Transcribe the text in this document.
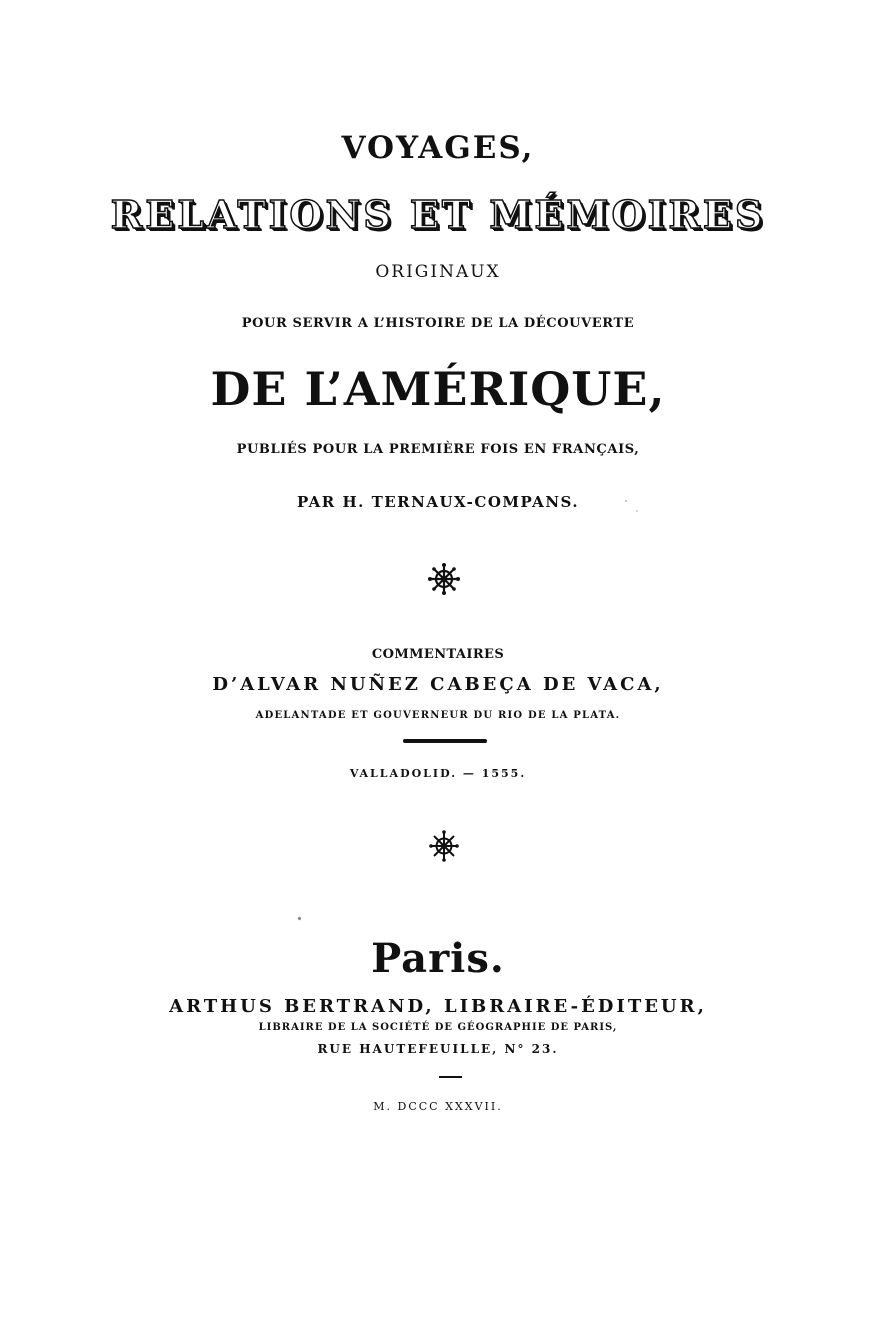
VOYAGES,
RELATIONS ET MÉMOIRES
ORIGINAUX
POUR SERVIR A L’HISTOIRE DE LA DÉCOUVERTE
DE L’AMÉRIQUE,
PUBLIÉS POUR LA PREMIÈRE FOIS EN FRANÇAIS,
PAR H. TERNAUX-COMPANS.
COMMENTAIRES
D’ALVAR NUÑEZ CABEÇA DE VACA,
ADELANTADE ET GOUVERNEUR DU RIO DE LA PLATA.
VALLADOLID. — 1555.
Paris.
ARTHUS BERTRAND, LIBRAIRE-ÉDITEUR,
LIBRAIRE DE LA SOCIÉTÉ DE GÉOGRAPHIE DE PARIS,
RUE HAUTEFEUILLE, N° 23.
M. DCCC XXXVII.
